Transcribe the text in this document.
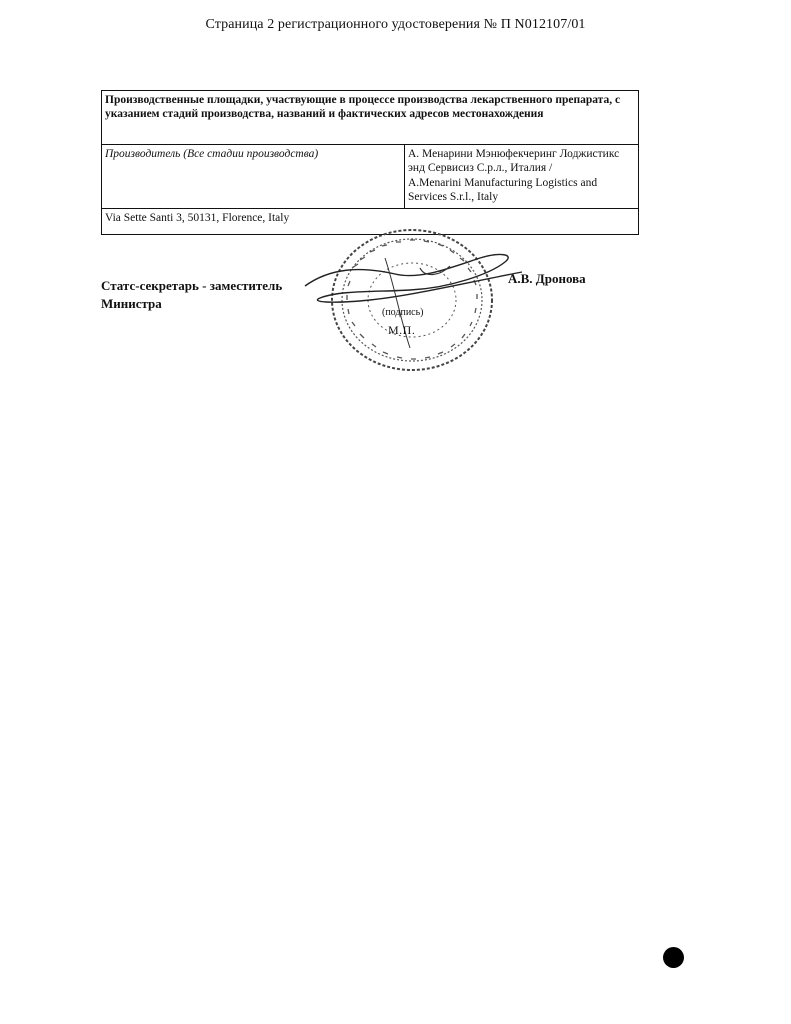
Страница 2 регистрационного удостоверения № П N012107/01
Производственные площадки, участвующие в процессе производства лекарственного препарата, с указанием стадий производства, названий и фактических адресов местонахождения
Производитель (Все стадии производства)	А. Менарини Мэнюфекчеринг Лоджистикс энд Сервисиз С.р.л., Италия /
A.Menarini Manufacturing Logistics and Services S.r.l., Italy

Via Sette Santi 3, 50131, Florence, Italy
(подпись)
М.П.
Статс-секретарь - заместитель Министра
А.В. Дронова
